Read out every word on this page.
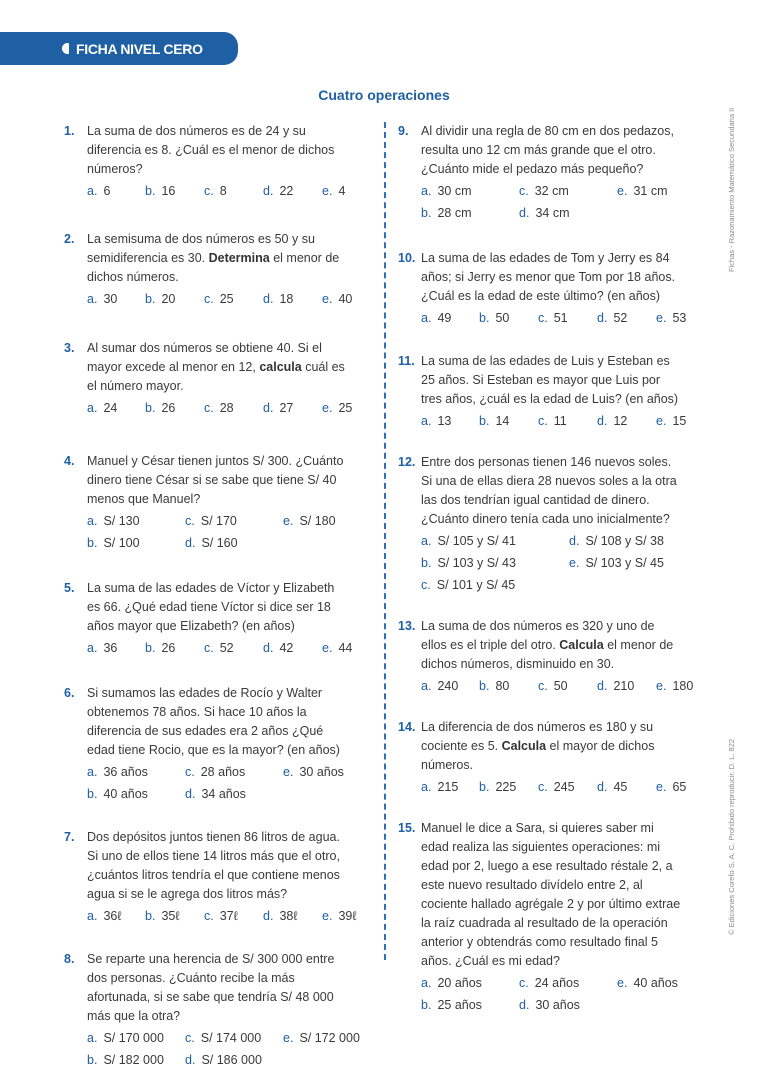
FICHA NIVEL CERO
Cuatro operaciones
1. La suma de dos números es de 24 y su diferencia es 8. ¿Cuál es el menor de dichos números?

a. 6	b. 16	c. 8	d. 22	e. 4
2. La semisuma de dos números es 50 y su semidiferencia es 30. Determina el menor de dichos números.

a. 30	b. 20	c. 25	d. 18	e. 40
3. Al sumar dos números se obtiene 40. Si el mayor excede al menor en 12, calcula cuál es el número mayor.

a. 24	b. 26	c. 28	d. 27	e. 25
4. Manuel y César tienen juntos S/ 300. ¿Cuánto dinero tiene César si se sabe que tiene S/ 40 menos que Manuel?

a. S/ 130	c. S/ 170	e. S/ 180
b. S/ 100	d. S/ 160
5. La suma de las edades de Víctor y Elizabeth es 66. ¿Qué edad tiene Víctor si dice ser 18 años mayor que Elizabeth? (en años)

a. 36	b. 26	c. 52	d. 42	e. 44
6. Si sumamos las edades de Rocío y Walter obtenemos 78 años. Si hace 10 años la diferencia de sus edades era 2 años ¿Qué edad tiene Rocio, que es la mayor? (en años)

a. 36 años	c. 28 años	e. 30 años
b. 40 años	d. 34 años
7. Dos depósitos juntos tienen 86 litros de agua. Si uno de ellos tiene 14 litros más que el otro, ¿cuántos litros tendría el que contiene menos agua si se le agrega dos litros más?

a. 36ℓ	b. 35ℓ	c. 37ℓ	d. 38ℓ	e. 39ℓ
8. Se reparte una herencia de S/ 300 000 entre dos personas. ¿Cuánto recibe la más afortunada, si se sabe que tendría S/ 48 000 más que la otra?

a. S/ 170 000	c. S/ 174 000	e. S/ 172 000
b. S/ 182 000	d. S/ 186 000
9. Al dividir una regla de 80 cm en dos pedazos, resulta uno 12 cm más grande que el otro. ¿Cuánto mide el pedazo más pequeño?

a. 30 cm	c. 32 cm	e. 31 cm
b. 28 cm	d. 34 cm
10. La suma de las edades de Tom y Jerry es 84 años; si Jerry es menor que Tom por 18 años. ¿Cuál es la edad de este último? (en años)

a. 49	b. 50	c. 51	d. 52	e. 53
11. La suma de las edades de Luis y Esteban es 25 años. Si Esteban es mayor que Luis por tres años, ¿cuál es la edad de Luis? (en años)

a. 13	b. 14	c. 11	d. 12	e. 15
12. Entre dos personas tienen 146 nuevos soles. Si una de ellas diera 28 nuevos soles a la otra las dos tendrían igual cantidad de dinero. ¿Cuánto dinero tenía cada uno inicialmente?

a. S/ 105 y S/ 41	d. S/ 108 y S/ 38
b. S/ 103 y S/ 43	e. S/ 103 y S/ 45
c. S/ 101 y S/ 45
13. La suma de dos números es 320 y uno de ellos es el triple del otro. Calcula el menor de dichos números, disminuido en 30.

a. 240	b. 80	c. 50	d. 210	e. 180
14. La diferencia de dos números es 180 y su cociente es 5. Calcula el mayor de dichos números.

a. 215	b. 225	c. 245	d. 45	e. 65
15. Manuel le dice a Sara, si quieres saber mi edad realiza las siguientes operaciones: mi edad por 2, luego a ese resultado réstale 2, a este nuevo resultado divídelo entre 2, al cociente hallado agrégale 2 y por último extrae la raíz cuadrada al resultado de la operación anterior y obtendrás como resultado final 5 años. ¿Cuál es mi edad?

a. 20 años	c. 24 años	e. 40 años
b. 25 años	d. 30 años
Fichas - Razonamiento Matemático Secundaria II
© Ediciones Corefo S. A. C. Prohibido reproducir. D. L. 822
